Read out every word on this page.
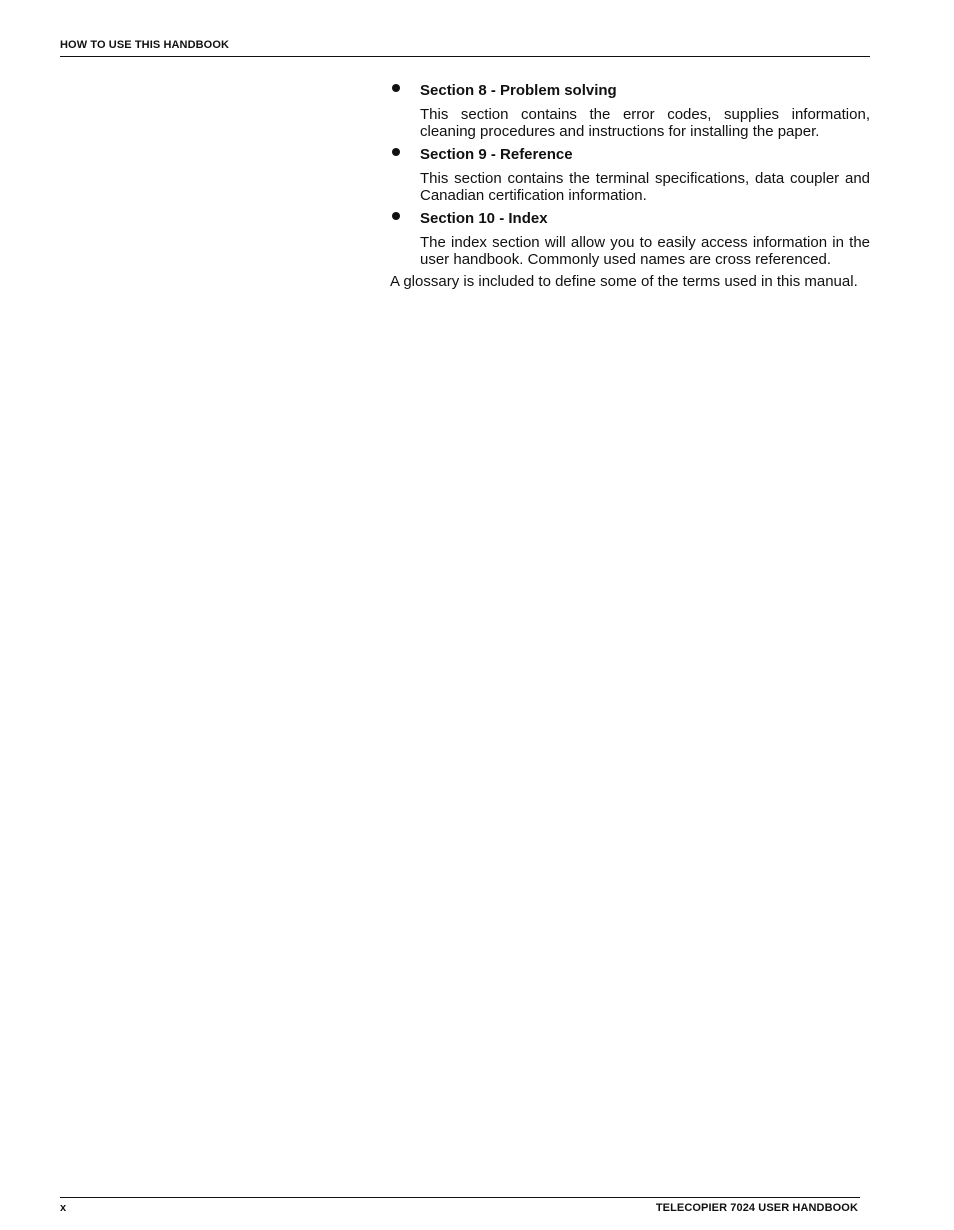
HOW TO USE THIS HANDBOOK
Section 8 - Problem solving
This section contains the error codes, supplies information, cleaning procedures and instructions for installing the paper.
Section 9 - Reference
This section contains the terminal specifications, data coupler and Canadian certification information.
Section 10 - Index
The index section will allow you to easily access information in the user handbook. Commonly used names are cross referenced.
A glossary is included to define some of the terms used in this manual.
x	TELECOPIER 7024 USER HANDBOOK
